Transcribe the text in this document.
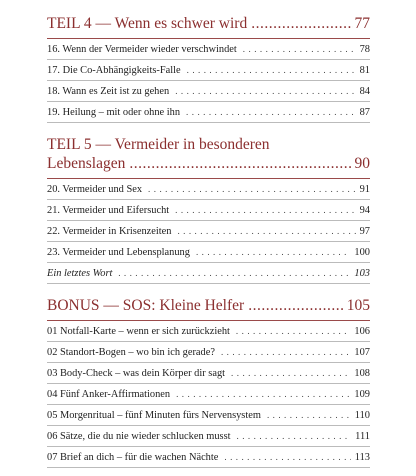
TEIL 4 — Wenn es schwer wird .....	77
16. Wenn der Vermeider wieder verschwindet . . .	78
17. Die Co-Abhängigkeits-Falle . . .	81
18. Wann es Zeit ist zu gehen . . .	84
19. Heilung – mit oder ohne ihn . . .	87
TEIL 5 — Vermeider in besonderen
Lebenslagen .....	90
20. Vermeider und Sex . . .	91
21. Vermeider und Eifersucht . . .	94
22. Vermeider in Krisenzeiten . . .	97
23. Vermeider und Lebensplanung . . .	100
Ein letztes Wort . . .	103
BONUS — SOS: Kleine Helfer .....	105
01 Notfall-Karte – wenn er sich zurückzieht . . .	106
02 Standort-Bogen – wo bin ich gerade? . . .	107
03 Body-Check – was dein Körper dir sagt . . .	108
04 Fünf Anker-Affirmationen . . .	109
05 Morgenritual – fünf Minuten fürs Nervensystem . . .	110
06 Sätze, die du nie wieder schlucken musst . . .	111
07 Brief an dich – für die wachen Nächte . . .	113
